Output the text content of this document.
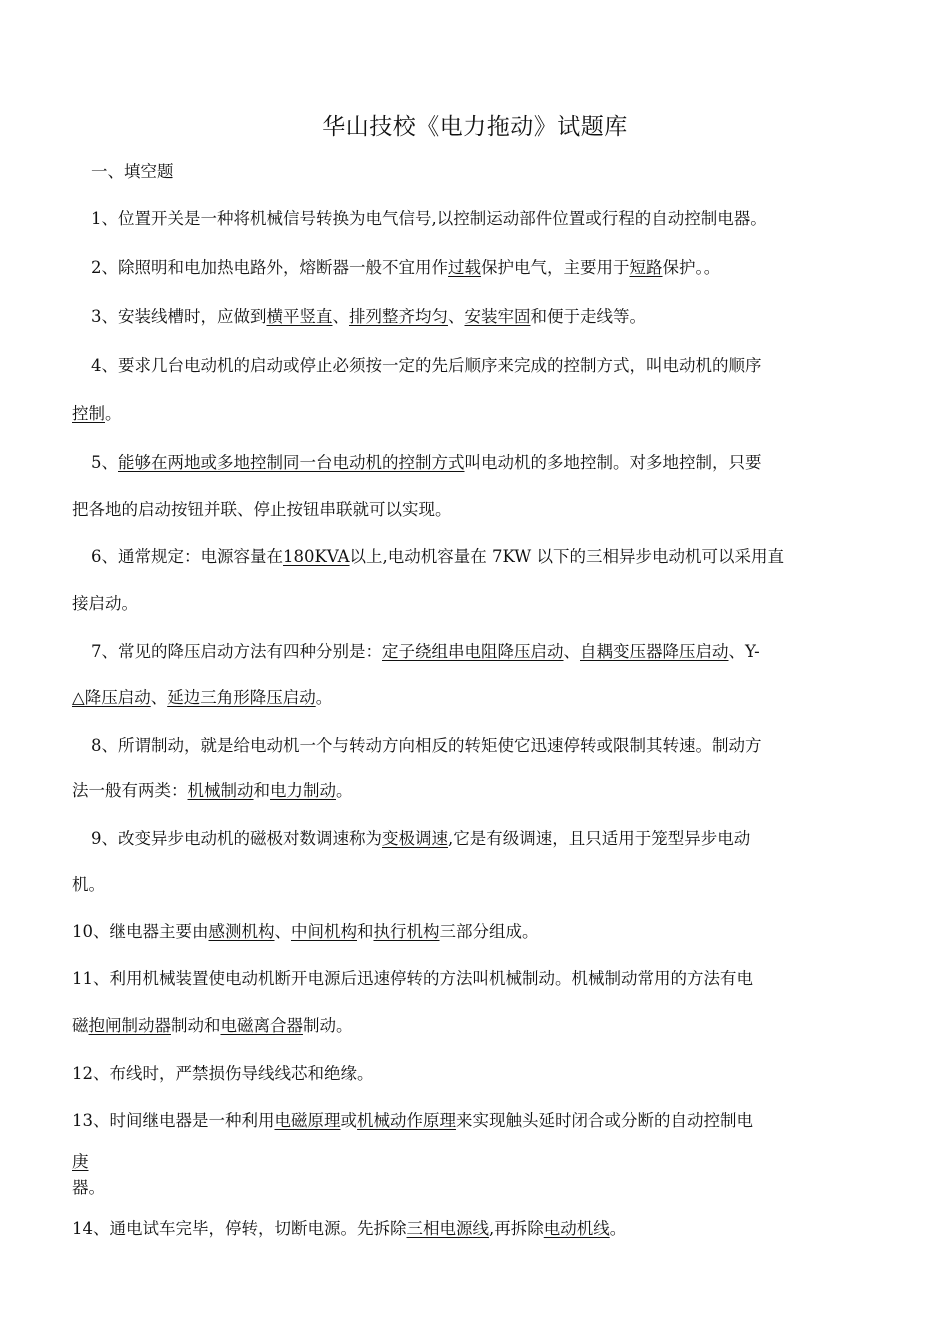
华山技校《电力拖动》试题库
一、填空题
1、位置开关是一种将机械信号转换为电气信号,以控制运动部件位置或行程的自动控制电器。
2、除照明和电加热电路外，熔断器一般不宜用作过载保护电气，主要用于短路保护。。
3、安装线槽时，应做到横平竖直、排列整齐均匀、安装牢固和便于走线等。
4、要求几台电动机的启动或停止必须按一定的先后顺序来完成的控制方式，叫电动机的顺序
控制。
5、能够在两地或多地控制同一台电动机的控制方式叫电动机的多地控制。对多地控制，只要
把各地的启动按钮并联、停止按钮串联就可以实现。
6、通常规定：电源容量在180KVA以上,电动机容量在 7KW 以下的三相异步电动机可以采用直
接启动。
7、常见的降压启动方法有四种分别是：定子绕组串电阻降压启动、自耦变压器降压启动、Y-
△降压启动、延边三角形降压启动。
8、所谓制动，就是给电动机一个与转动方向相反的转矩使它迅速停转或限制其转速。制动方
法一般有两类：机械制动和电力制动。
9、改变异步电动机的磁极对数调速称为变极调速,它是有级调速，且只适用于笼型异步电动
机。
10、继电器主要由感测机构、中间机构和执行机构三部分组成。
11、利用机械装置使电动机断开电源后迅速停转的方法叫机械制动。机械制动常用的方法有电
磁抱闸制动器制动和电磁离合器制动。
12、布线时，严禁损伤导线线芯和绝缘。
13、时间继电器是一种利用电磁原理或机械动作原理来实现触头延时闭合或分断的自动控制电
庚
器。
14、通电试车完毕，停转，切断电源。先拆除三相电源线,再拆除电动机线。
